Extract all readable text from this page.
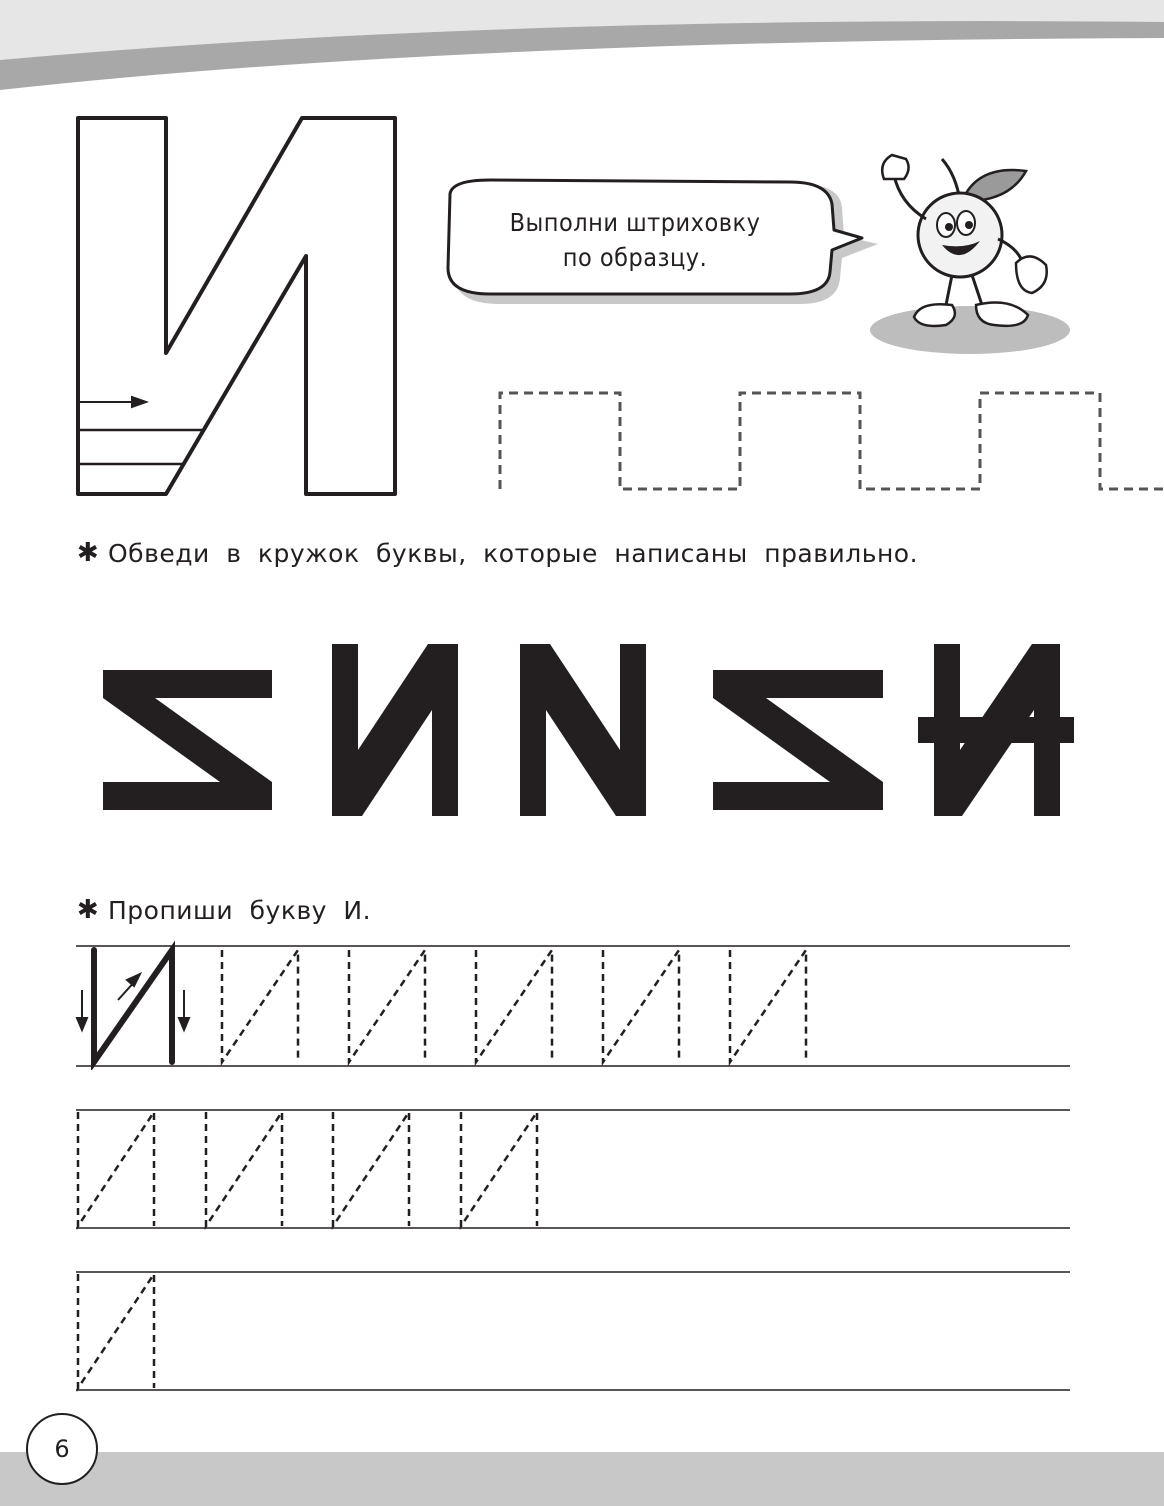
Выполни штриховку
по образцу.
✱ Обведи в кружок буквы, которые написаны правильно.
✱ Пропиши букву И.
6
